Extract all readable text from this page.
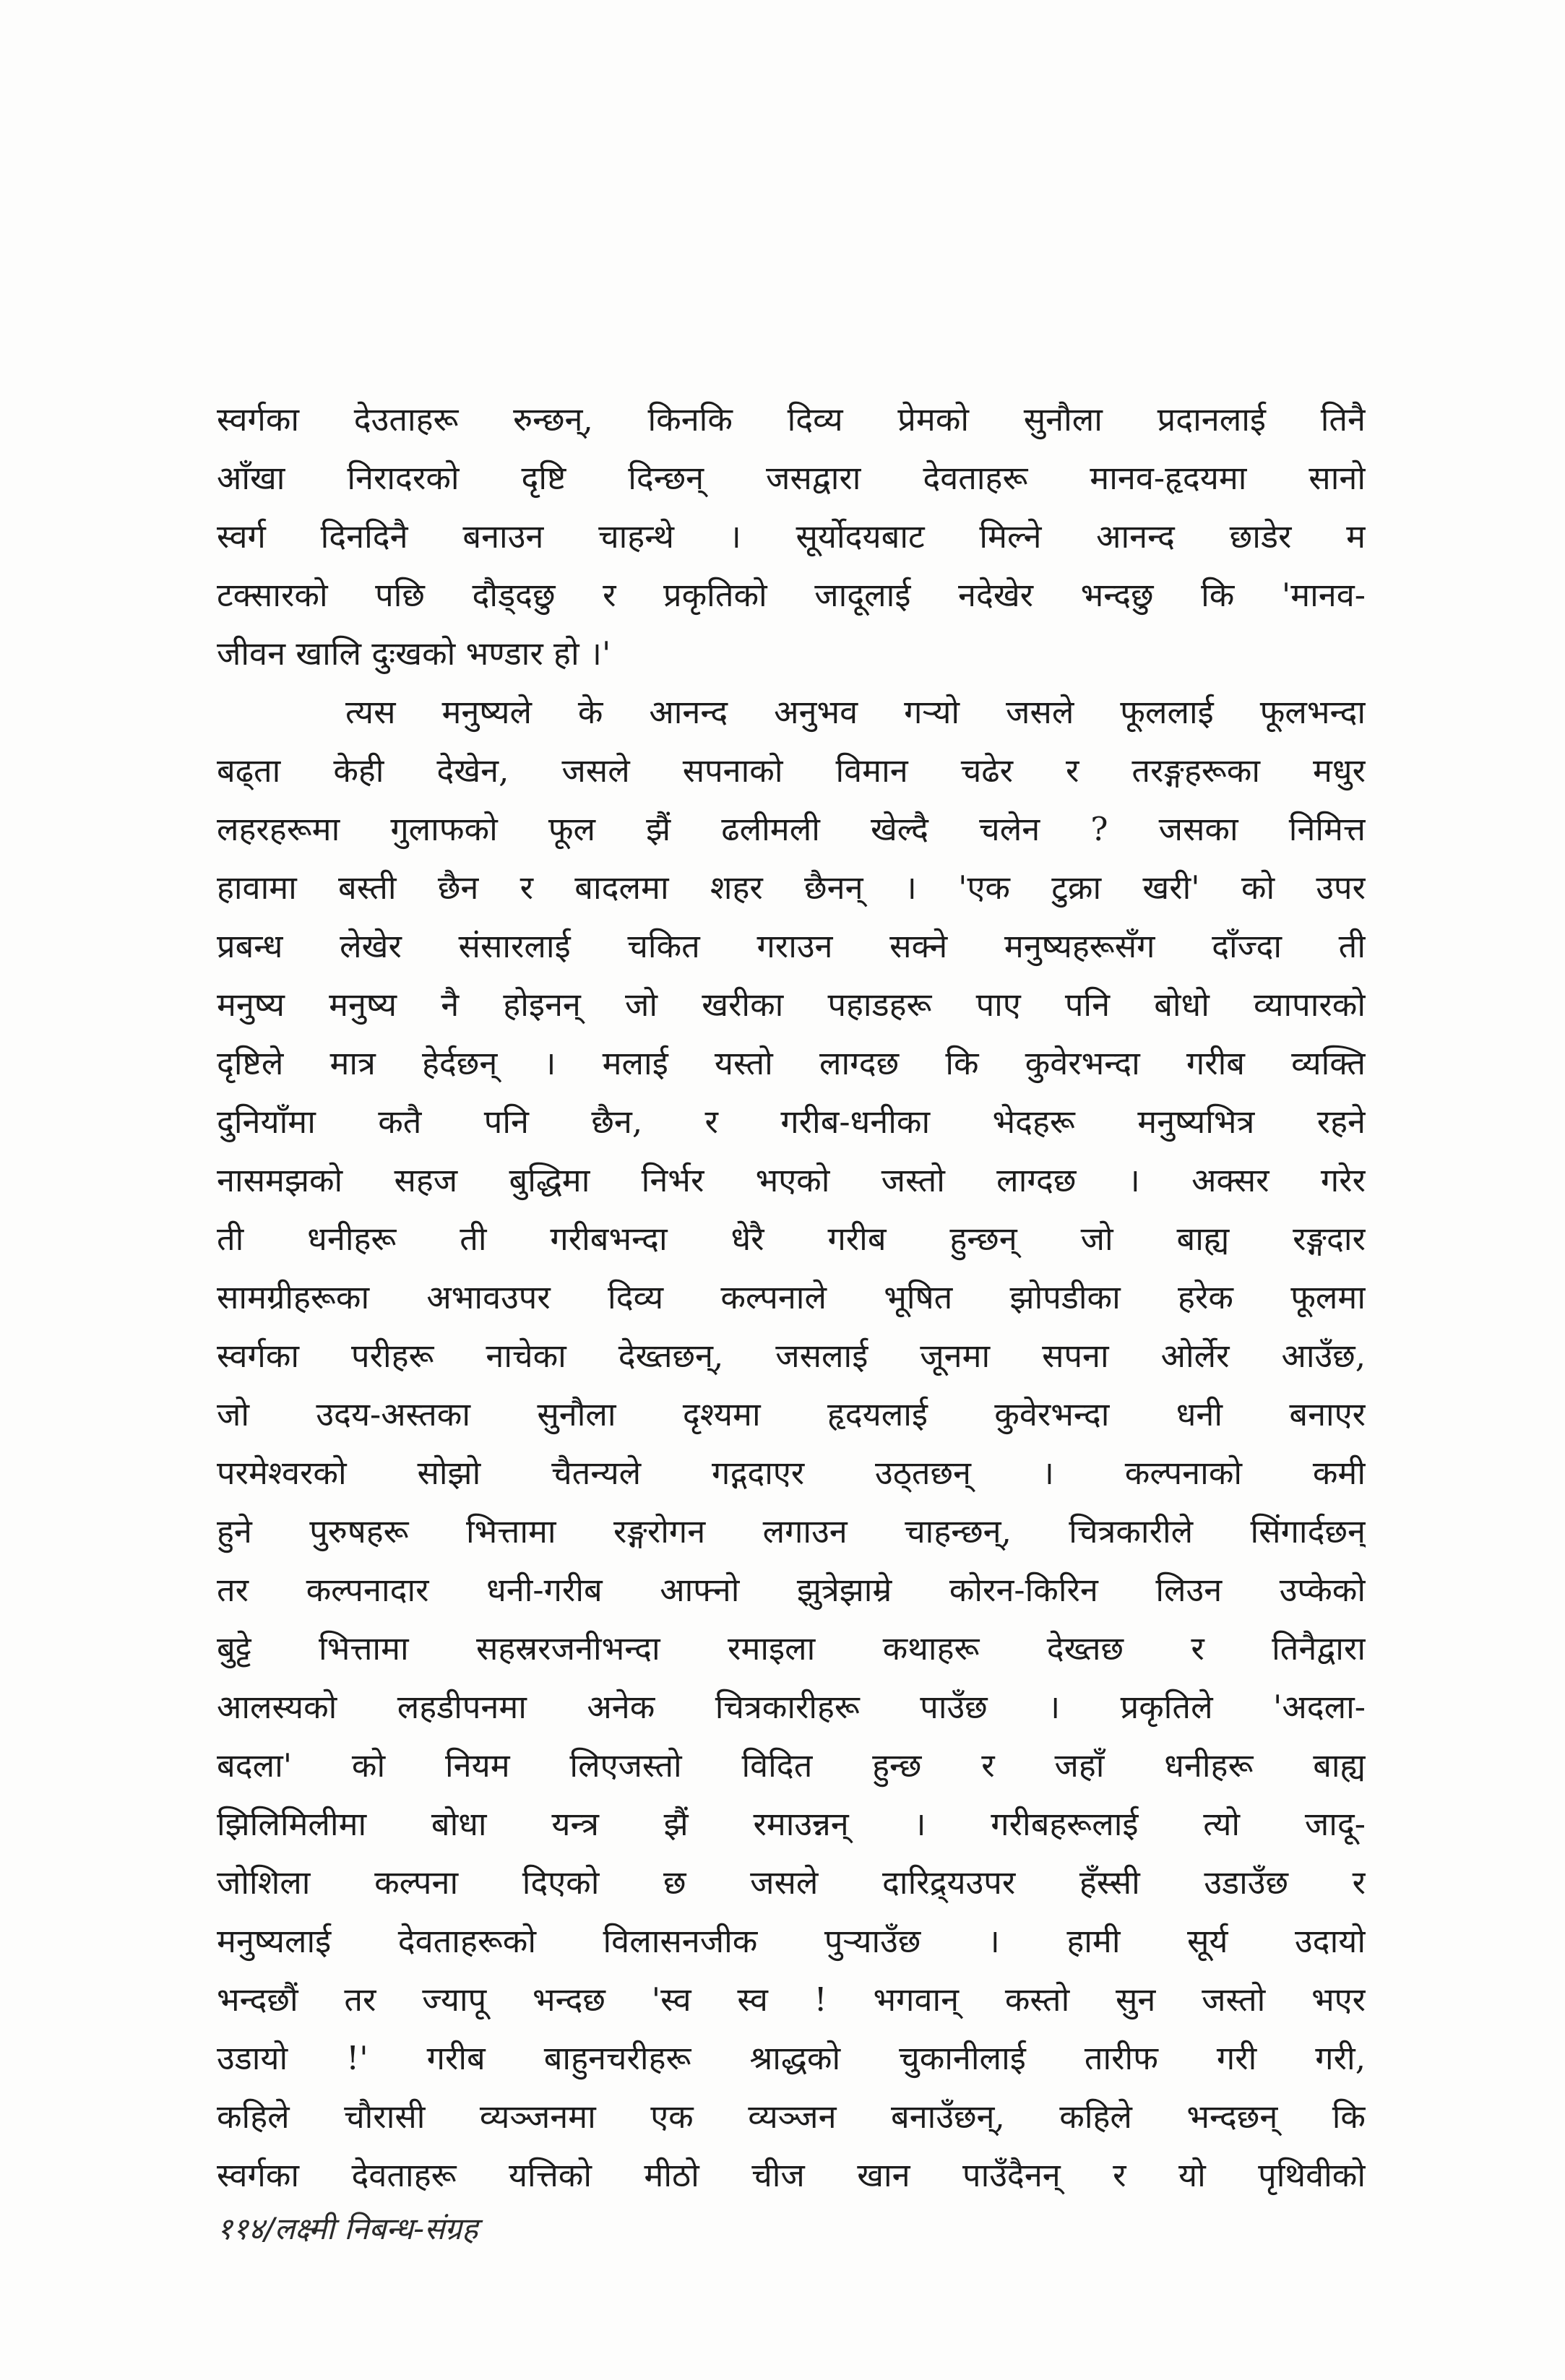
स्वर्गका देउताहरू रुन्छन्, किनकि दिव्य प्रेमको सुनौला प्रदानलाई तिनै
आँखा निरादरको दृष्टि दिन्छन् जसद्वारा देवताहरू मानव-हृदयमा सानो
स्वर्ग दिनदिनै बनाउन चाहन्थे । सूर्योदयबाट मिल्ने आनन्द छाडेर म
टक्सारको पछि दौड्दछु र प्रकृतिको जादूलाई नदेखेर भन्दछु कि 'मानव-
जीवन खालि दुःखको भण्डार हो ।'
त्यस मनुष्यले के आनन्द अनुभव गर्‍यो जसले फूललाई फूलभन्दा
बढ्ता केही देखेन, जसले सपनाको विमान चढेर र तरङ्गहरूका मधुर
लहरहरूमा गुलाफको फूल झैं ढलीमली खेल्दै चलेन ? जसका निमित्त
हावामा बस्ती छैन र बादलमा शहर छैनन् । 'एक टुक्रा खरी' को उपर
प्रबन्ध लेखेर संसारलाई चकित गराउन सक्ने मनुष्यहरूसँग दाँज्दा ती
मनुष्य मनुष्य नै होइनन् जो खरीका पहाडहरू पाए पनि बोधो व्यापारको
दृष्टिले मात्र हेर्दछन् । मलाई यस्तो लाग्दछ कि कुवेरभन्दा गरीब व्यक्ति
दुनियाँमा कतै पनि छैन, र गरीब-धनीका भेदहरू मनुष्यभित्र रहने
नासमझको सहज बुद्धिमा निर्भर भएको जस्तो लाग्दछ । अक्सर गरेर
ती धनीहरू ती गरीबभन्दा धेरै गरीब हुन्छन् जो बाह्य रङ्गदार
सामग्रीहरूका अभावउपर दिव्य कल्पनाले भूषित झोपडीका हरेक फूलमा
स्वर्गका परीहरू नाचेका देख्तछन्, जसलाई जूनमा सपना ओर्लेर आउँछ,
जो उदय-अस्तका सुनौला दृश्यमा हृदयलाई कुवेरभन्दा धनी बनाएर
परमेश्वरको सोझो चैतन्यले गद्गदाएर उठ्तछन् । कल्पनाको कमी
हुने पुरुषहरू भित्तामा रङ्गरोगन लगाउन चाहन्छन्, चित्रकारीले सिंगार्दछन्
तर कल्पनादार धनी-गरीब आफ्नो झुत्रेझाम्रे कोरन-किरिन लिउन उप्केको
बुट्टे भित्तामा सहस्ररजनीभन्दा रमाइला कथाहरू देख्तछ र तिनैद्वारा
आलस्यको लहडीपनमा अनेक चित्रकारीहरू पाउँछ । प्रकृतिले 'अदला-
बदला' को नियम लिएजस्तो विदित हुन्छ र जहाँ धनीहरू बाह्य
झिलिमिलीमा बोधा यन्त्र झैं रमाउन्नन् । गरीबहरूलाई त्यो जादू-
जोशिला कल्पना दिएको छ जसले दारिद्र्यउपर हँस्सी उडाउँछ र
मनुष्यलाई देवताहरूको विलासनजीक पुऱ्याउँछ । हामी सूर्य उदायो
भन्दछौं तर ज्यापू भन्दछ 'स्व स्व ! भगवान् कस्तो सुन जस्तो भएर
उडायो !' गरीब बाहुनचरीहरू श्राद्धको चुकानीलाई तारीफ गरी गरी,
कहिले चौरासी व्यञ्जनमा एक व्यञ्जन बनाउँछन्, कहिले भन्दछन् कि
स्वर्गका देवताहरू यत्तिको मीठो चीज खान पाउँदैनन् र यो पृथिवीको
११४/लक्ष्मी निबन्ध-संग्रह
